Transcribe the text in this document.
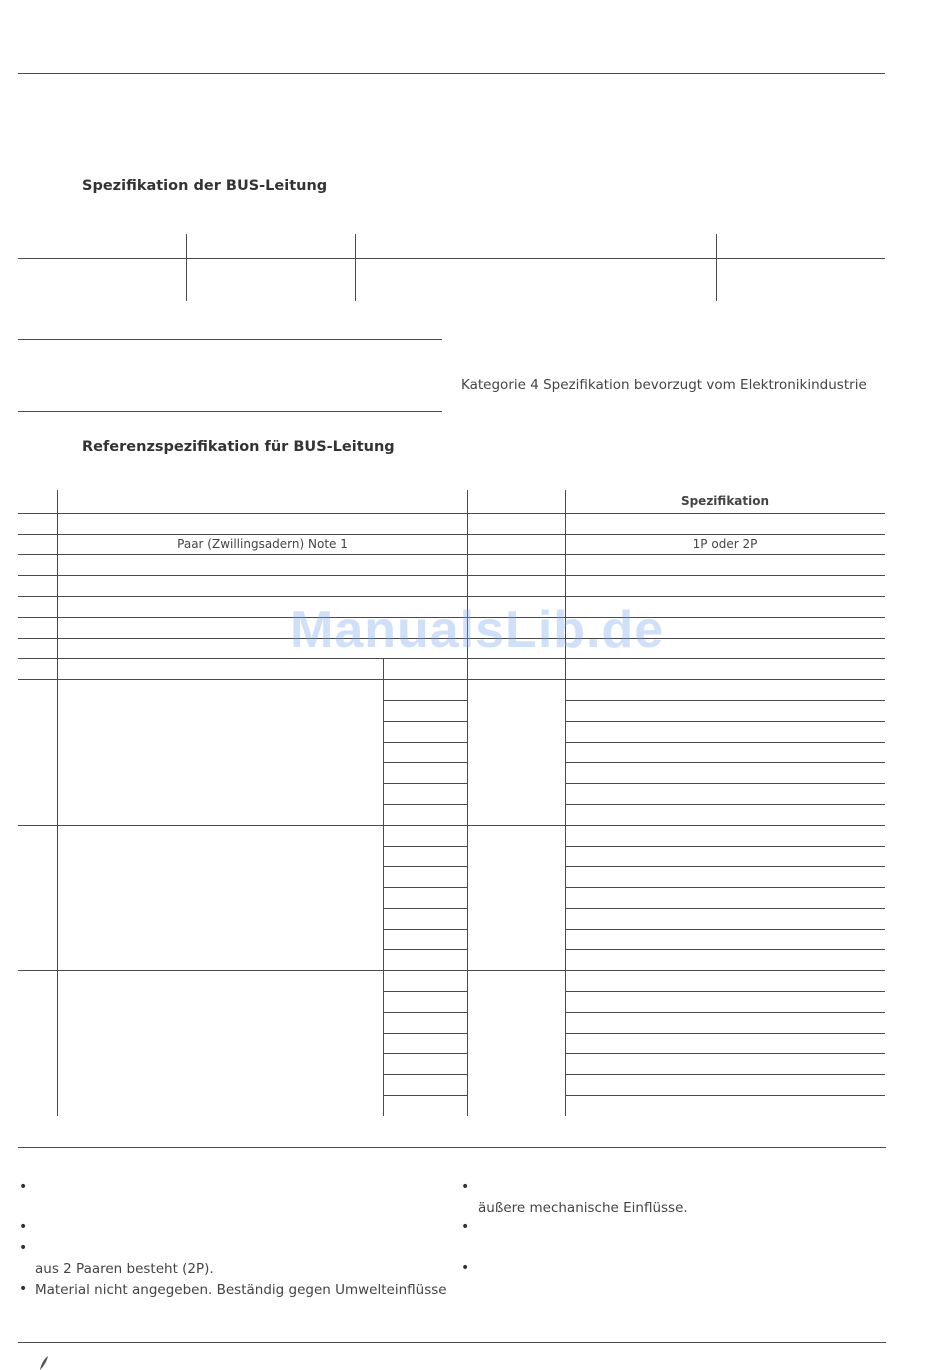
Spezifikation der BUS-Leitung
Kategorie 4 Spezifikation bevorzugt vom Elektronikindustrie
Referenzspezifikation für BUS-Leitung
Spezifikation
Paar (Zwillingsadern) Note 1	1P oder 2P
ManualsLib.de
•
•
•
aus 2 Paaren besteht (2P).
• Material nicht angegeben. Beständig gegen Umwelteinflüsse
•
äußere mechanische Einflüsse.
•
•
